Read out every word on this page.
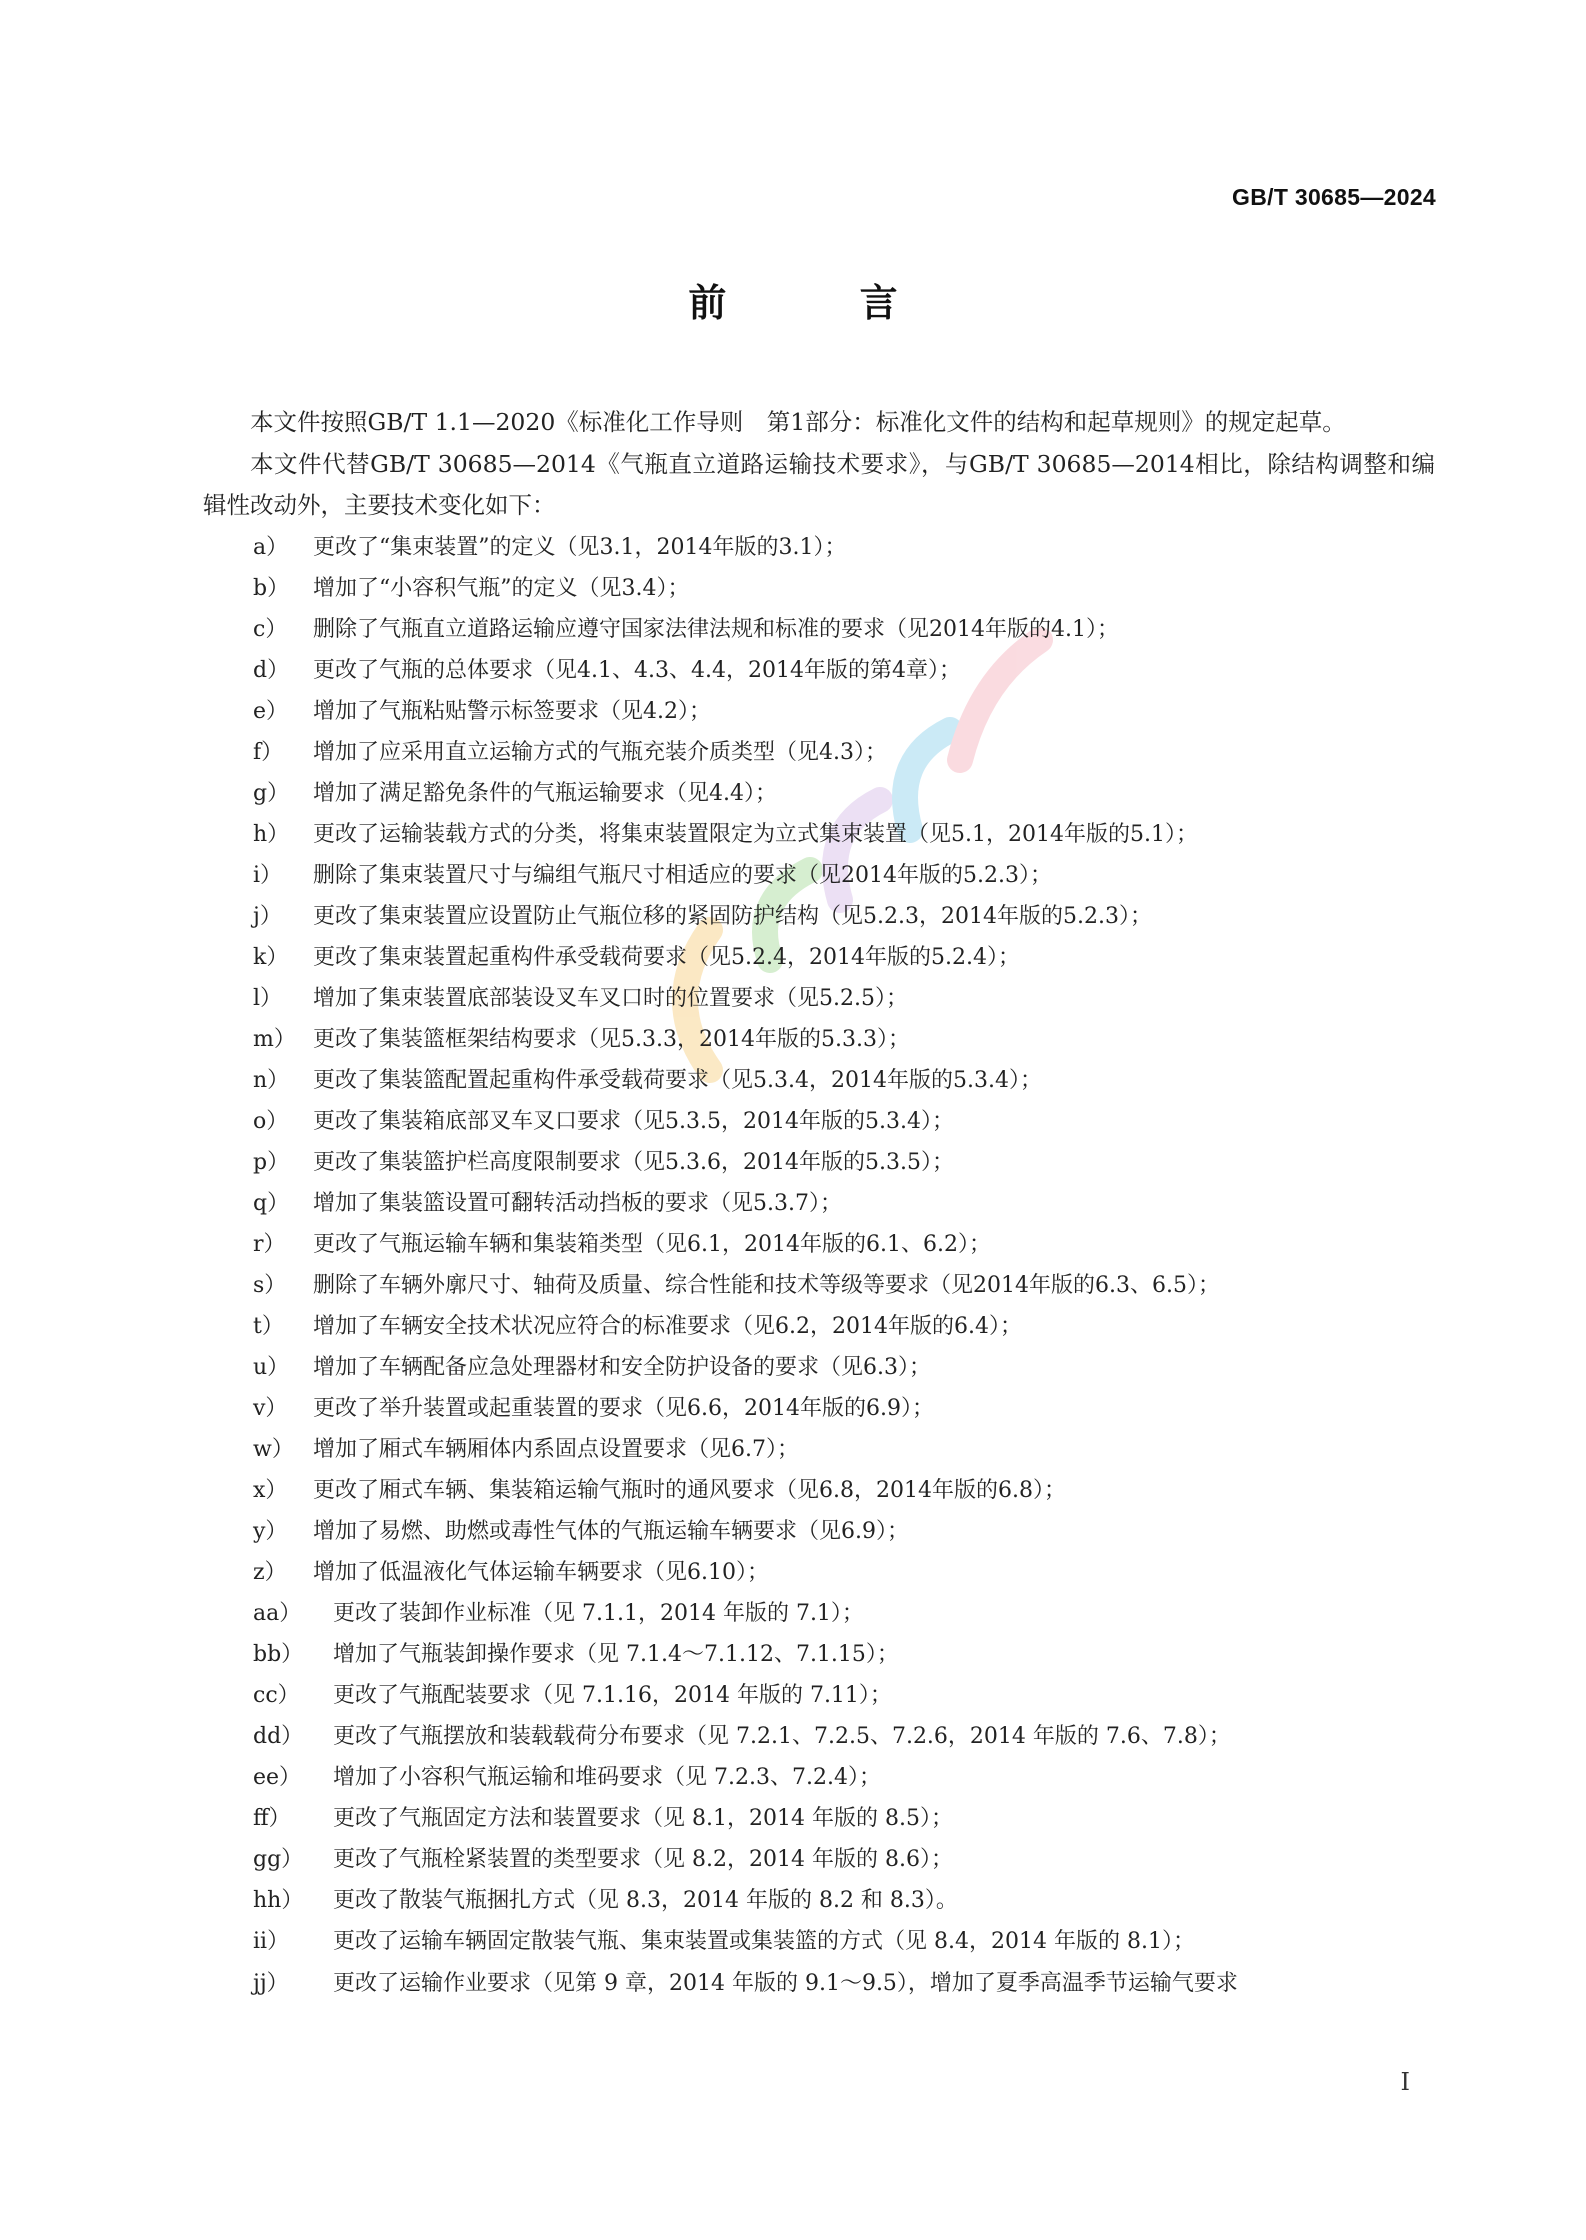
GB/T 30685—2024
前 言

本文件按照GB/T 1.1—2020《标准化工作导则　第1部分：标准化文件的结构和起草规则》的规定起草。

本文件代替GB/T 30685—2014《气瓶直立道路运输技术要求》，与GB/T 30685—2014相比，除结构调整和编辑性改动外，主要技术变化如下：

a） 更改了“集束装置”的定义（见3.1，2014年版的3.1）；
b） 增加了“小容积气瓶”的定义（见3.4）；
c） 删除了气瓶直立道路运输应遵守国家法律法规和标准的要求（见2014年版的4.1）；
d） 更改了气瓶的总体要求（见4.1、4.3、4.4，2014年版的第4章）；
e） 增加了气瓶粘贴警示标签要求（见4.2）；
f） 增加了应采用直立运输方式的气瓶充装介质类型（见4.3）；
g） 增加了满足豁免条件的气瓶运输要求（见4.4）；
h） 更改了运输装载方式的分类，将集束装置限定为立式集束装置（见5.1，2014年版的5.1）；
i） 删除了集束装置尺寸与编组气瓶尺寸相适应的要求（见2014年版的5.2.3）；
j） 更改了集束装置应设置防止气瓶位移的紧固防护结构（见5.2.3，2014年版的5.2.3）；
k） 更改了集束装置起重构件承受载荷要求（见5.2.4，2014年版的5.2.4）；
l） 增加了集束装置底部装设叉车叉口时的位置要求（见5.2.5）；
m） 更改了集装篮框架结构要求（见5.3.3，2014年版的5.3.3）；
n） 更改了集装篮配置起重构件承受载荷要求（见5.3.4，2014年版的5.3.4）；
o） 更改了集装箱底部叉车叉口要求（见5.3.5，2014年版的5.3.4）；
p） 更改了集装篮护栏高度限制要求（见5.3.6，2014年版的5.3.5）；
q） 增加了集装篮设置可翻转活动挡板的要求（见5.3.7）；
r） 更改了气瓶运输车辆和集装箱类型（见6.1，2014年版的6.1、6.2）；
s） 删除了车辆外廓尺寸、轴荷及质量、综合性能和技术等级等要求（见2014年版的6.3、6.5）；
t） 增加了车辆安全技术状况应符合的标准要求（见6.2，2014年版的6.4）；
u） 增加了车辆配备应急处理器材和安全防护设备的要求（见6.3）；
v） 更改了举升装置或起重装置的要求（见6.6，2014年版的6.9）；
w） 增加了厢式车辆厢体内系固点设置要求（见6.7）；
x） 更改了厢式车辆、集装箱运输气瓶时的通风要求（见6.8，2014年版的6.8）；
y） 增加了易燃、助燃或毒性气体的气瓶运输车辆要求（见6.9）；
z） 增加了低温液化气体运输车辆要求（见6.10）；
aa） 更改了装卸作业标准（见 7.1.1，2014 年版的 7.1）；
bb） 增加了气瓶装卸操作要求（见 7.1.4～7.1.12、7.1.15）；
cc） 更改了气瓶配装要求（见 7.1.16，2014 年版的 7.11）；
dd） 更改了气瓶摆放和装载载荷分布要求（见 7.2.1、7.2.5、7.2.6，2014 年版的 7.6、7.8）；
ee） 增加了小容积气瓶运输和堆码要求（见 7.2.3、7.2.4）；
ff） 更改了气瓶固定方法和装置要求（见 8.1，2014 年版的 8.5）；
gg） 更改了气瓶栓紧装置的类型要求（见 8.2，2014 年版的 8.6）；
hh） 更改了散装气瓶捆扎方式（见 8.3，2014 年版的 8.2 和 8.3）。
ii） 更改了运输车辆固定散装气瓶、集束装置或集装篮的方式（见 8.4，2014 年版的 8.1）；
jj） 更改了运输作业要求（见第 9 章，2014 年版的 9.1～9.5），增加了夏季高温季节运输气要求
I
